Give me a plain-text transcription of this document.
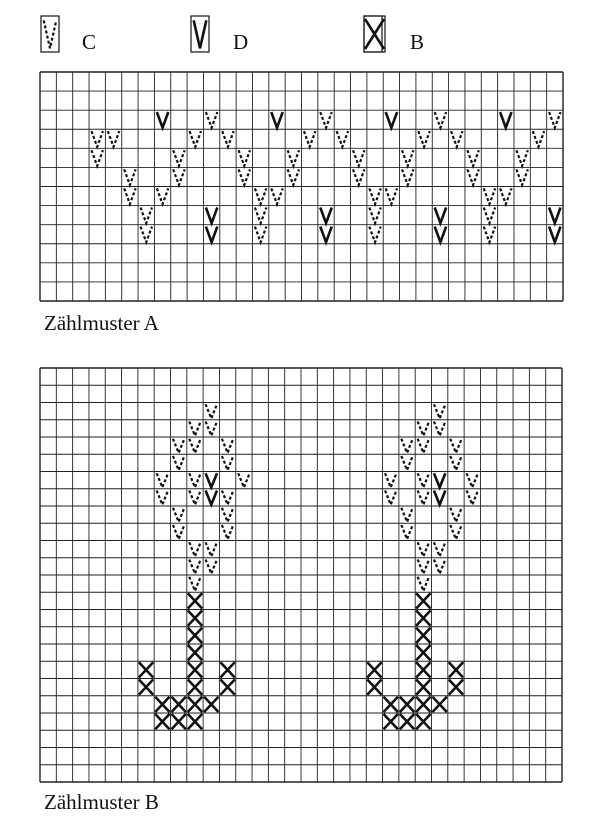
C	D	B
Zählmuster A
Zählmuster B
